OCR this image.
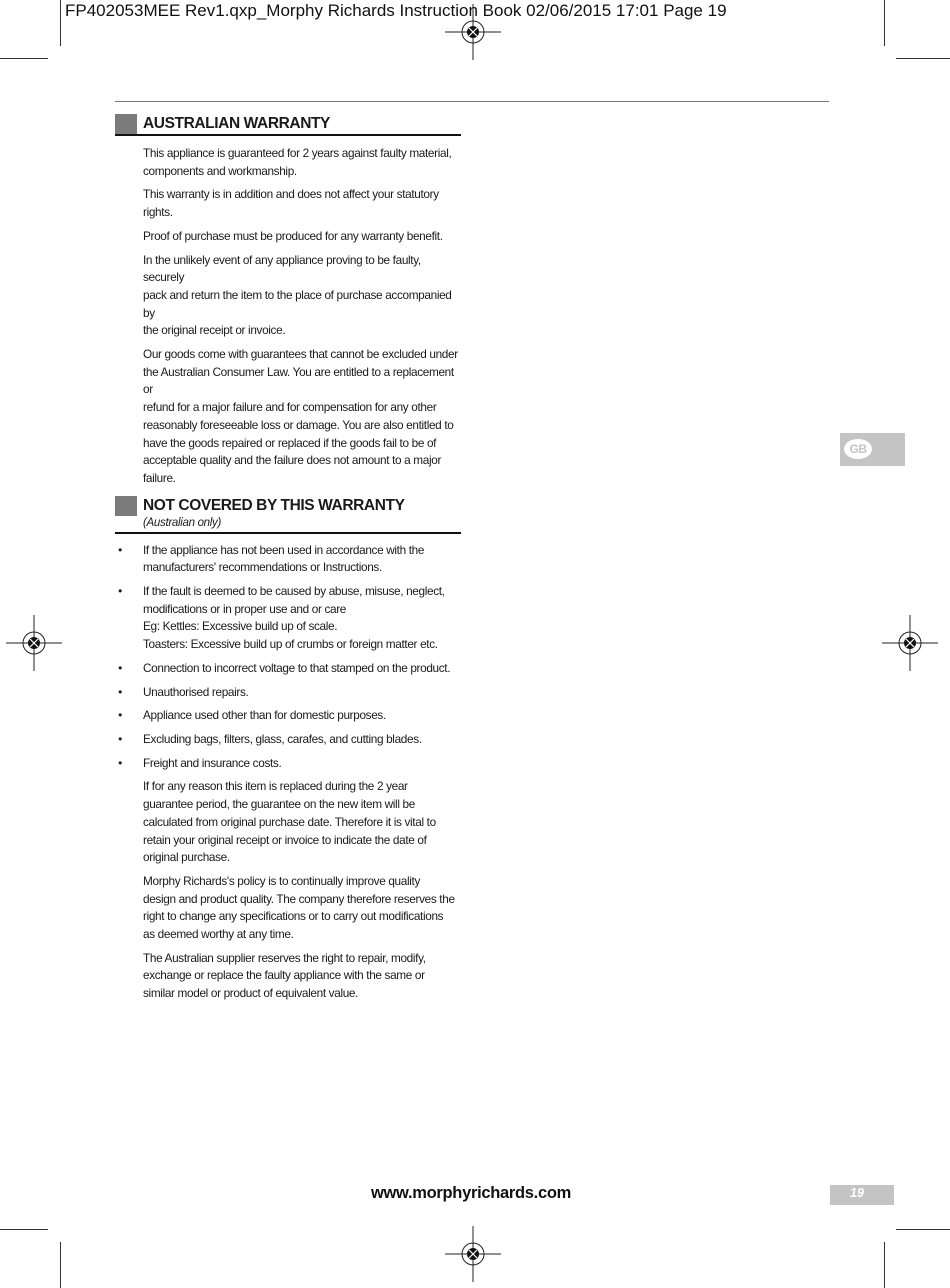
FP402053MEE Rev1.qxp_Morphy Richards Instruction Book 02/06/2015 17:01 Page 19
AUSTRALIAN WARRANTY

This appliance is guaranteed for 2 years against faulty material,
components and workmanship.

This warranty is in addition and does not affect your statutory rights.

Proof of purchase must be produced for any warranty benefit.

In the unlikely event of any appliance proving to be faulty, securely
pack and return the item to the place of purchase accompanied by
the original receipt or invoice.

Our goods come with guarantees that cannot be excluded under
the Australian Consumer Law. You are entitled to a replacement or
refund for a major failure and for compensation for any other
reasonably foreseeable loss or damage. You are also entitled to
have the goods repaired or replaced if the goods fail to be of
acceptable quality and the failure does not amount to a major
failure.

NOT COVERED BY THIS WARRANTY
(Australian only)
• If the appliance has not been used in accordance with the
manufacturers' recommendations or Instructions.
• If the fault is deemed to be caused by abuse, misuse, neglect,
modifications or in proper use and or care
Eg: Kettles: Excessive build up of scale.
Toasters: Excessive build up of crumbs or foreign matter etc.
• Connection to incorrect voltage to that stamped on the product.
• Unauthorised repairs.
• Appliance used other than for domestic purposes.
• Excluding bags, filters, glass, carafes, and cutting blades.
• Freight and insurance costs.

If for any reason this item is replaced during the 2 year
guarantee period, the guarantee on the new item will be
calculated from original purchase date. Therefore it is vital to
retain your original receipt or invoice to indicate the date of
original purchase.

Morphy Richards's policy is to continually improve quality
design and product quality. The company therefore reserves the
right to change any specifications or to carry out modifications
as deemed worthy at any time.

The Australian supplier reserves the right to repair, modify,
exchange or replace the faulty appliance with the same or
similar model or product of equivalent value.

GB
www.morphyrichards.com	19
